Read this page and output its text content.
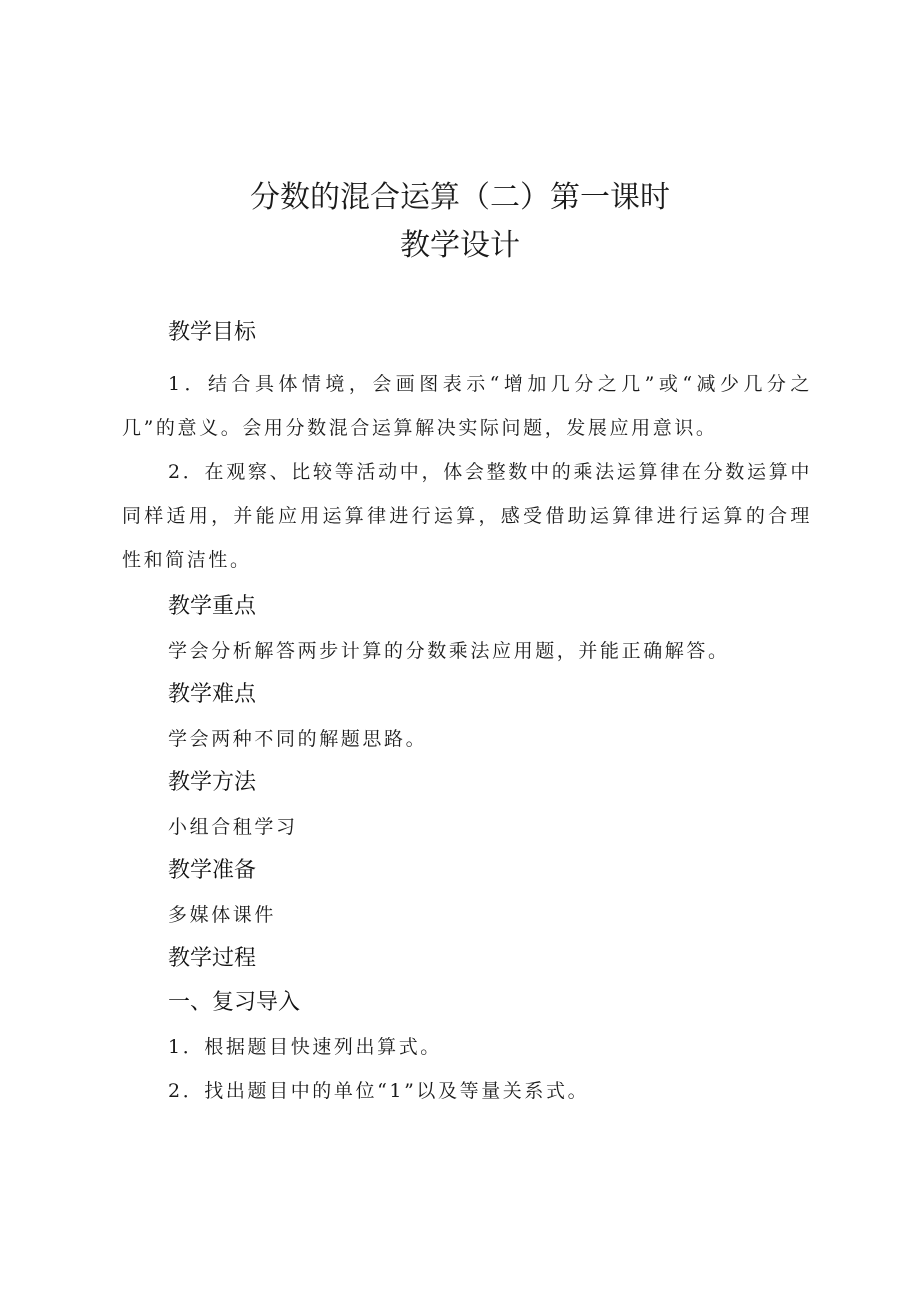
分数的混合运算（二）第一课时
教学设计
教学目标

1．结合具体情境，会画图表示“增加几分之几”或“减少几分之几”的意义。会用分数混合运算解决实际问题，发展应用意识。

2．在观察、比较等活动中，体会整数中的乘法运算律在分数运算中同样适用，并能应用运算律进行运算，感受借助运算律进行运算的合理性和简洁性。

教学重点

学会分析解答两步计算的分数乘法应用题，并能正确解答。

教学难点

学会两种不同的解题思路。

教学方法

小组合租学习

教学准备

多媒体课件

教学过程
一、复习导入

1．根据题目快速列出算式。

2．找出题目中的单位“1”以及等量关系式。
